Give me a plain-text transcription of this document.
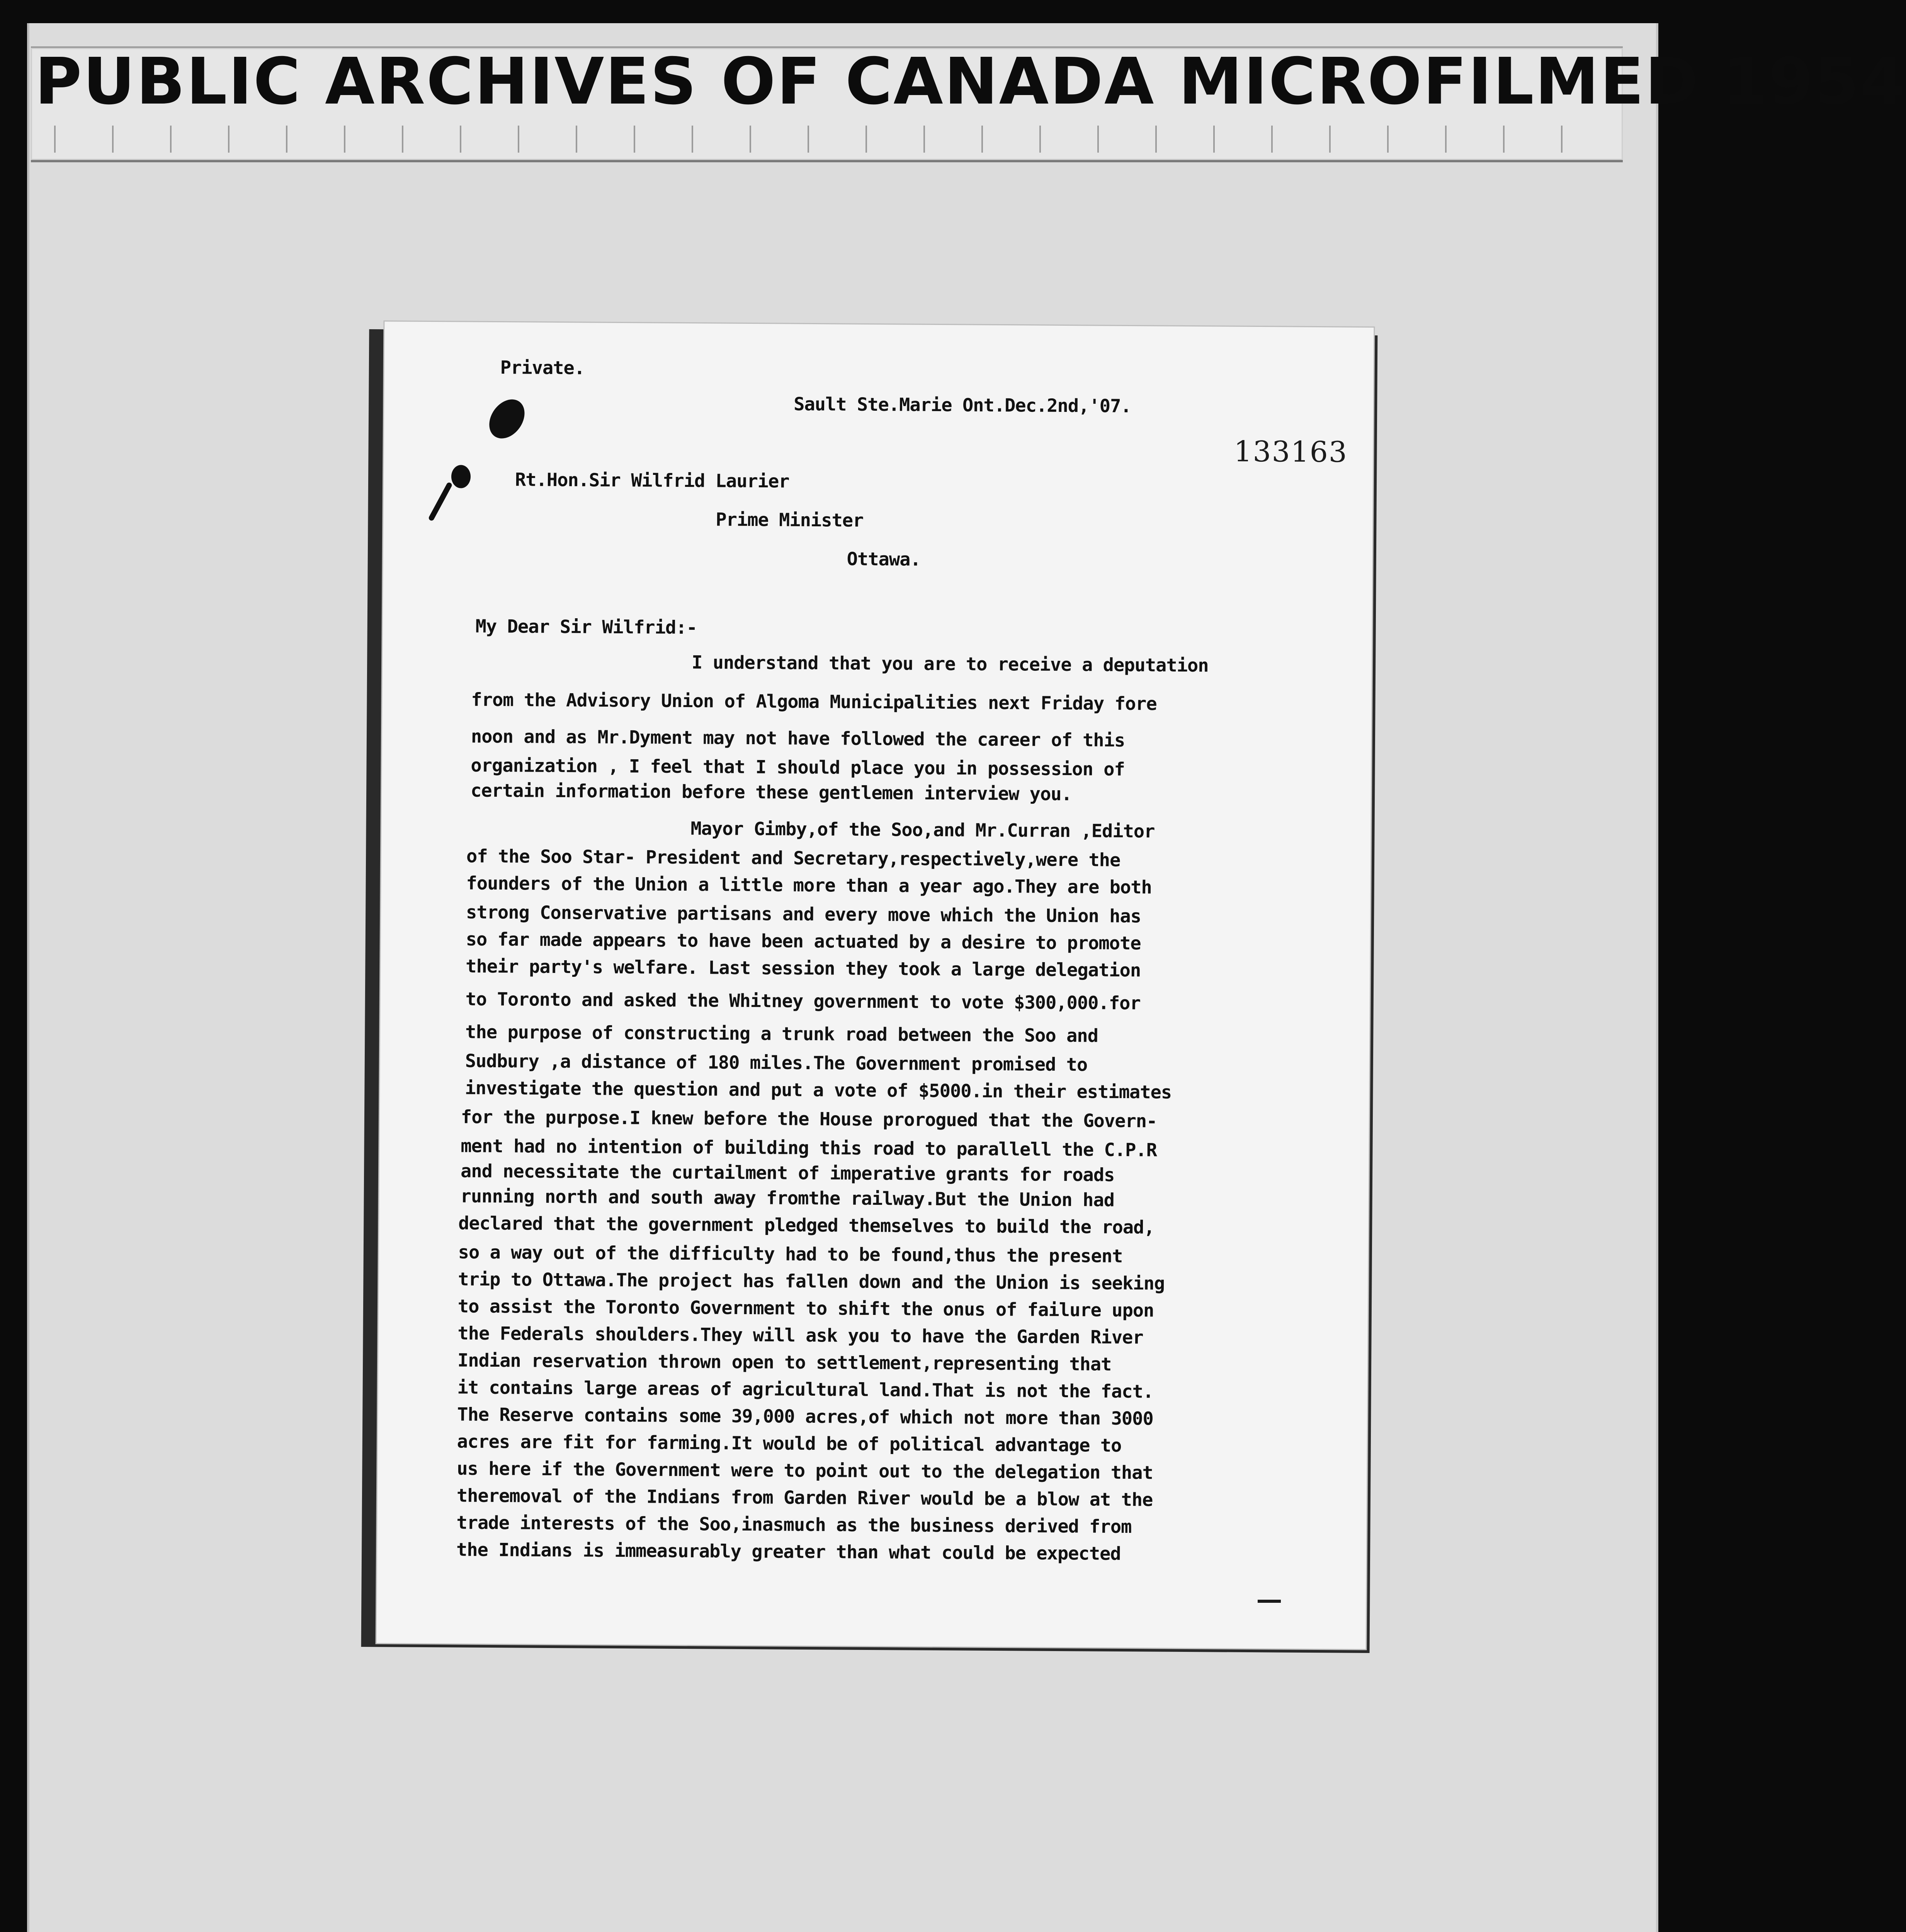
PUBLIC ARCHIVES OF CANADA MICROFILMED 1954
133163
Private.
Sault Ste.Marie Ont.Dec.2nd,'07.
Rt.Hon.Sir Wilfrid Laurier
Prime Minister
Ottawa.
My Dear Sir Wilfrid:-
I understand that you are to receive a deputation
from the Advisory Union of Algoma Municipalities next Friday fore
noon and as Mr.Dyment may not have followed the career of this
organization , I feel that I should place you in possession of
certain information before these gentlemen interview you.
Mayor Gimby,of the Soo,and Mr.Curran ,Editor
of the Soo Star- President and Secretary,respectively,were the
founders of the Union a little more than a year ago.They are both
strong Conservative partisans and every move which the Union has
so far made appears to have been actuated by a desire to promote
their party's welfare. Last session they took a large delegation
to Toronto and asked the Whitney government to vote $300,000.for
the purpose of constructing a trunk road between the Soo and
Sudbury ,a distance of 180 miles.The Government promised to
investigate the question and put a vote of $5000.in their estimates
for the purpose.I knew before the House prorogued that the Govern-
ment had no intention of building this road to parallell the C.P.R
and necessitate the curtailment of imperative grants for roads
running north and south away fromthe railway.But the Union had
declared that the government pledged themselves to build the road,
so a way out of the difficulty had to be found,thus the present
trip to Ottawa.The project has fallen down and the Union is seeking
to assist the Toronto Government to shift the onus of failure upon
the Federals shoulders.They will ask you to have the Garden River
Indian reservation thrown open to settlement,representing that
it contains large areas of agricultural land.That is not the fact.
The Reserve contains some 39,000 acres,of which not more than 3000
acres are fit for farming.It would be of political advantage to
us here if the Government were to point out to the delegation that
theremoval of the Indians from Garden River would be a blow at the
trade interests of the Soo,inasmuch as the business derived from
the Indians is immeasurably greater than what could be expected
